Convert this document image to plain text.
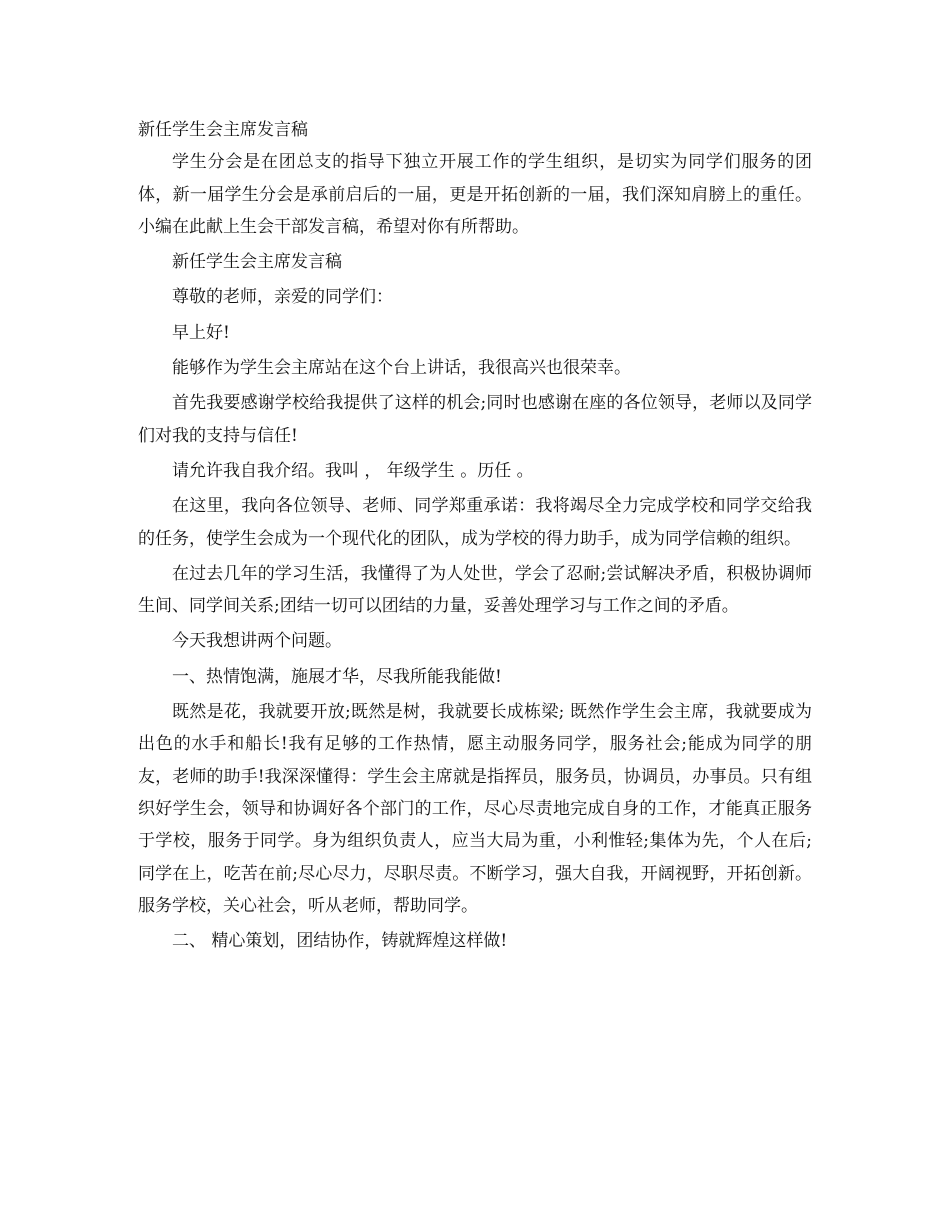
新任学生会主席发言稿

学生分会是在团总支的指导下独立开展工作的学生组织，是切实为同学们服务的团体，新一届学生分会是承前启后的一届，更是开拓创新的一届，我们深知肩膀上的重任。小编在此献上生会干部发言稿，希望对你有所帮助。

新任学生会主席发言稿

尊敬的老师，亲爱的同学们：

早上好!

能够作为学生会主席站在这个台上讲话，我很高兴也很荣幸。

首先我要感谢学校给我提供了这样的机会;同时也感谢在座的各位领导，老师以及同学们对我的支持与信任!

请允许我自我介绍。我叫 ， 年级学生 。历任 。

在这里，我向各位领导、老师、同学郑重承诺：我将竭尽全力完成学校和同学交给我的任务，使学生会成为一个现代化的团队，成为学校的得力助手，成为同学信赖的组织。

在过去几年的学习生活，我懂得了为人处世，学会了忍耐;尝试解决矛盾，积极协调师生间、同学间关系;团结一切可以团结的力量，妥善处理学习与工作之间的矛盾。

今天我想讲两个问题。

一、热情饱满，施展才华，尽我所能我能做!

既然是花，我就要开放;既然是树，我就要长成栋梁; 既然作学生会主席，我就要成为出色的水手和船长!我有足够的工作热情，愿主动服务同学，服务社会;能成为同学的朋友，老师的助手!我深深懂得：学生会主席就是指挥员，服务员，协调员，办事员。只有组织好学生会，领导和协调好各个部门的工作，尽心尽责地完成自身的工作，才能真正服务于学校，服务于同学。身为组织负责人，应当大局为重，小利惟轻;集体为先，个人在后;同学在上，吃苦在前;尽心尽力，尽职尽责。不断学习，强大自我，开阔视野，开拓创新。服务学校，关心社会，听从老师，帮助同学。

二、 精心策划，团结协作，铸就辉煌这样做!
